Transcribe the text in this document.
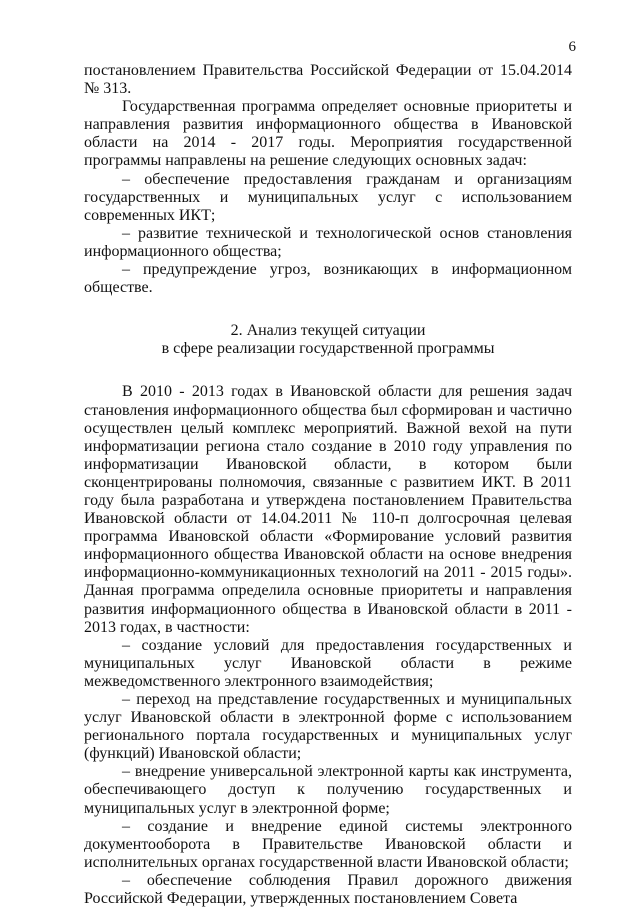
6

постановлением Правительства Российской Федерации от 15.04.2014 № 313.

Государственная программа определяет основные приоритеты и направления развития информационного общества в Ивановской области на 2014 - 2017 годы. Мероприятия государственной программы направлены на решение следующих основных задач:

– обеспечение предоставления гражданам и организациям государственных и муниципальных услуг с использованием современных ИКТ;

– развитие технической и технологической основ становления информационного общества;

– предупреждение угроз, возникающих в информационном обществе.

2. Анализ текущей ситуации
в сфере реализации государственной программы

В 2010 - 2013 годах в Ивановской области для решения задач становления информационного общества был сформирован и частично осуществлен целый комплекс мероприятий. Важной вехой на пути информатизации региона стало создание в 2010 году управления по информатизации Ивановской области, в котором были сконцентрированы полномочия, связанные с развитием ИКТ. В 2011 году была разработана и утверждена постановлением Правительства Ивановской области от 14.04.2011 № 110-п долгосрочная целевая программа Ивановской области «Формирование условий развития информационного общества Ивановской области на основе внедрения информационно-коммуникационных технологий на 2011 - 2015 годы». Данная программа определила основные приоритеты и направления развития информационного общества в Ивановской области в 2011 - 2013 годах, в частности:

– создание условий для предоставления государственных и муниципальных услуг Ивановской области в режиме межведомственного электронного взаимодействия;

– переход на представление государственных и муниципальных услуг Ивановской области в электронной форме с использованием регионального портала государственных и муниципальных услуг (функций) Ивановской области;

– внедрение универсальной электронной карты как инструмента, обеспечивающего доступ к получению государственных и муниципальных услуг в электронной форме;

– создание и внедрение единой системы электронного документооборота в Правительстве Ивановской области и исполнительных органах государственной власти Ивановской области;

– обеспечение соблюдения Правил дорожного движения Российской Федерации, утвержденных постановлением Совета
